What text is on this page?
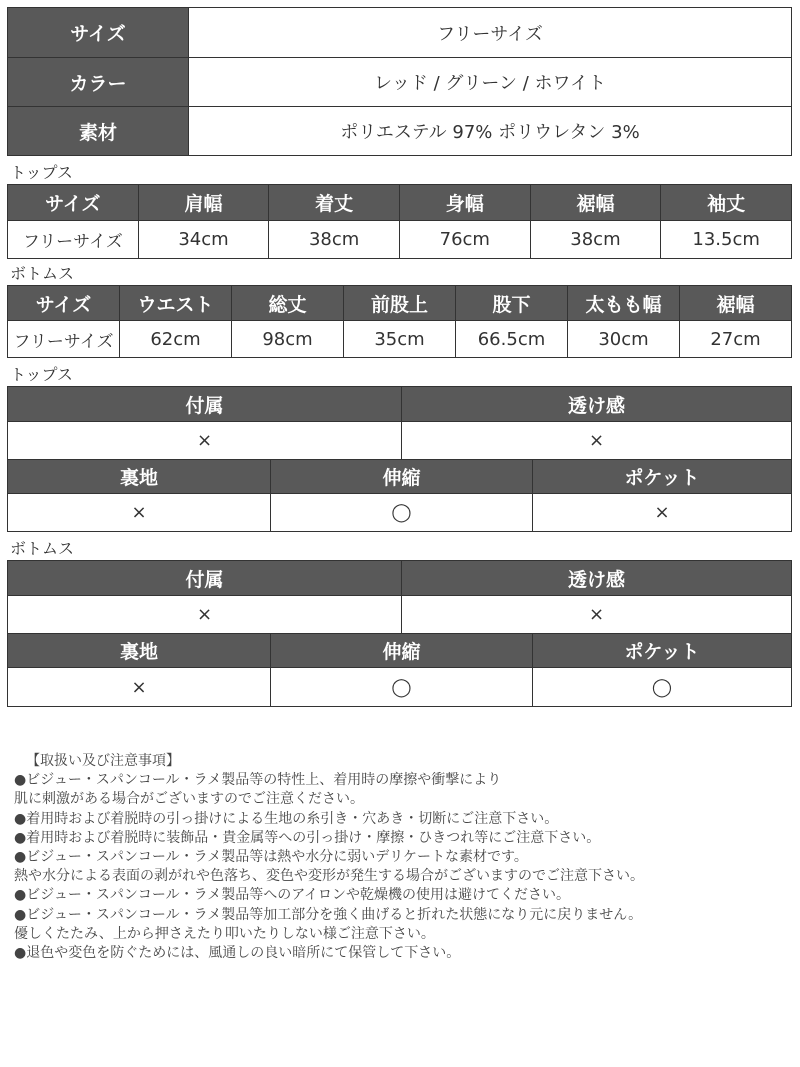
サイズ	フリーサイズ
カラー	レッド / グリーン / ホワイト
素材	ポリエステル 97% ポリウレタン 3%
トップス
サイズ	肩幅	着丈	身幅	裾幅	袖丈
フリーサイズ	34cm	38cm	76cm	38cm	13.5cm
ボトムス
サイズ	ウエスト	総丈	前股上	股下	太もも幅	裾幅
フリーサイズ	62cm	98cm	35cm	66.5cm	30cm	27cm
トップス
付属		透け感	
×		×	
裏地	伸縮		ポケット
×	◯		×
ボトムス
付属		透け感	
×		×	
裏地	伸縮		ポケット
×	◯		◯
【取扱い及び注意事項】
●ビジュー・スパンコール・ラメ製品等の特性上、着用時の摩擦や衝撃により
肌に刺激がある場合がございますのでご注意ください。
●着用時および着脱時の引っ掛けによる生地の糸引き・穴あき・切断にご注意下さい。
●着用時および着脱時に装飾品・貴金属等への引っ掛け・摩擦・ひきつれ等にご注意下さい。
●ビジュー・スパンコール・ラメ製品等は熱や水分に弱いデリケートな素材です。
熱や水分による表面の剥がれや色落ち、変色や変形が発生する場合がございますのでご注意下さい。
●ビジュー・スパンコール・ラメ製品等へのアイロンや乾燥機の使用は避けてください。
●ビジュー・スパンコール・ラメ製品等加工部分を強く曲げると折れた状態になり元に戻りません。
優しくたたみ、上から押さえたり叩いたりしない様ご注意下さい。
●退色や変色を防ぐためには、風通しの良い暗所にて保管して下さい。
